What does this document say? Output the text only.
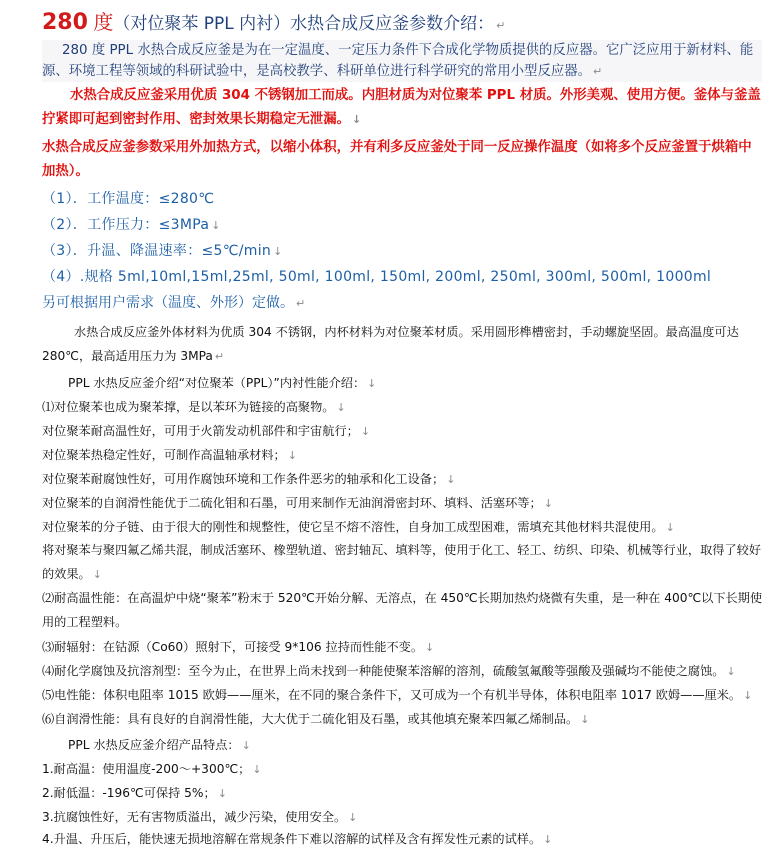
280 度（对位聚苯 PPL 内衬）水热合成反应釜参数介绍： ↵
280 度 PPL 水热合成反应釜是为在一定温度、一定压力条件下合成化学物质提供的反应器。它广泛应用于新材料、能源、环境工程等领域的科研试验中，是高校教学、科研单位进行科学研究的常用小型反应器。 ↵
水热合成反应釜采用优质 304 不锈钢加工而成。内胆材质为对位聚苯 PPL 材质。外形美观、使用方便。釜体与釜盖拧紧即可起到密封作用、密封效果长期稳定无泄漏。 ↓
水热合成反应釜参数采用外加热方式，以缩小体积，并有利多反应釜处于同一反应操作温度（如将多个反应釜置于烘箱中加热）。
（1）．工作温度：≤280℃
（2）．工作压力：≤3MPa ↓
（3）．升温、降温速率：≤5℃/min ↓
（4）.规格 5ml,10ml,15ml,25ml, 50ml, 100ml, 150ml, 200ml, 250ml, 300ml, 500ml, 1000ml
另可根据用户需求（温度、外形）定做。 ↵
水热合成反应釜外体材料为优质 304 不锈钢，内杯材料为对位聚苯材质。采用圆形榫槽密封，手动螺旋坚固。最高温度可达 280℃，最高适用压力为 3MPa ↵
PPL 水热反应釜介绍“对位聚苯（PPL）”内衬性能介绍： ↓
⑴对位聚苯也成为聚苯撑，是以苯环为链接的高聚物。 ↓
对位聚苯耐高温性好，可用于火箭发动机部件和宇宙航行； ↓
对位聚苯热稳定性好，可制作高温轴承材料； ↓
对位聚苯耐腐蚀性好，可用作腐蚀环境和工作条件恶劣的轴承和化工设备； ↓
对位聚苯的自润滑性能优于二硫化钼和石墨，可用来制作无油润滑密封环、填料、活塞环等； ↓
对位聚苯的分子链、由于很大的刚性和规整性，使它呈不熔不溶性，自身加工成型困难，需填充其他材料共混使用。 ↓
将对聚苯与聚四氟乙烯共混，制成活塞环、橡塑轨道、密封轴瓦、填料等，使用于化工、轻工、纺织、印染、机械等行业，取得了较好的效果。 ↓
⑵耐高温性能：在高温炉中烧“聚苯”粉末于 520℃开始分解、无溶点，在 450℃长期加热灼烧微有失重，是一种在 400℃以下长期使用的工程塑料。
⑶耐辐射：在钴源（Co60）照射下，可接受 9*106 拉持而性能不变。 ↓
⑷耐化学腐蚀及抗溶剂型：至今为止，在世界上尚未找到一种能使聚苯溶解的溶剂，硫酸氢氟酸等强酸及强碱均不能使之腐蚀。 ↓
⑸电性能：体积电阻率 1015 欧姆——厘米，在不同的聚合条件下，又可成为一个有机半导体，体积电阻率 1017 欧姆——厘米。 ↓
⑹自润滑性能：具有良好的自润滑性能，大大优于二硫化钼及石墨，或其他填充聚苯四氟乙烯制品。 ↓
PPL 水热反应釜介绍产品特点： ↓
1.耐高温：使用温度-200～+300℃； ↓
2.耐低温：-196℃可保持 5%； ↓
3.抗腐蚀性好，无有害物质溢出，减少污染，使用安全。 ↓
4.升温、升压后，能快速无损地溶解在常规条件下难以溶解的试样及含有挥发性元素的试样。 ↓
